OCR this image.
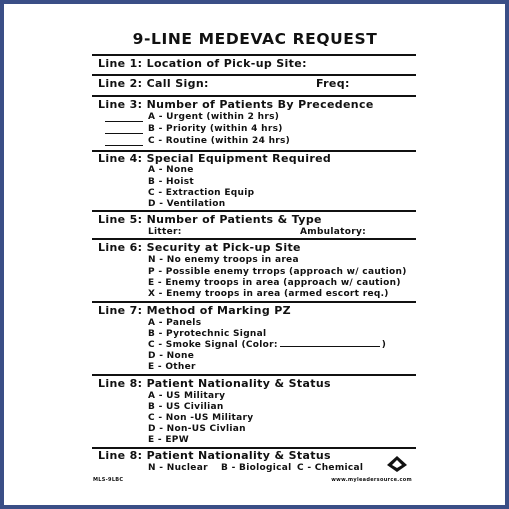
9-LINE MEDEVAC REQUEST
Line 1: Location of Pick-up Site:
Line 2: Call Sign:	Freq:
Line 3: Number of Patients By Precedence
A - Urgent (within 2 hrs)
B - Priority (within 4 hrs)
C - Routine (within 24 hrs)
Line 4: Special Equipment Required
A - None
B - Hoist
C - Extraction Equip
D - Ventilation
Line 5: Number of Patients & Type
Litter:	Ambulatory:
Line 6: Security at Pick-up Site
N - No enemy troops in area
P - Possible enemy trrops (approach w/ caution)
E - Enemy troops in area (approach w/ caution)
X - Enemy troops in area (armed escort req.)
Line 7: Method of Marking PZ
A - Panels
B - Pyrotechnic Signal
C - Smoke Signal (Color:	)
D - None
E - Other
Line 8: Patient Nationality & Status
A - US Military
B - US Civilian
C - Non -US Military
D - Non-US Civlian
E - EPW
Line 8: Patient Nationality & Status
N - Nuclear B - Biological C - Chemical
MLS-9LBC	www.myleadersource.com
